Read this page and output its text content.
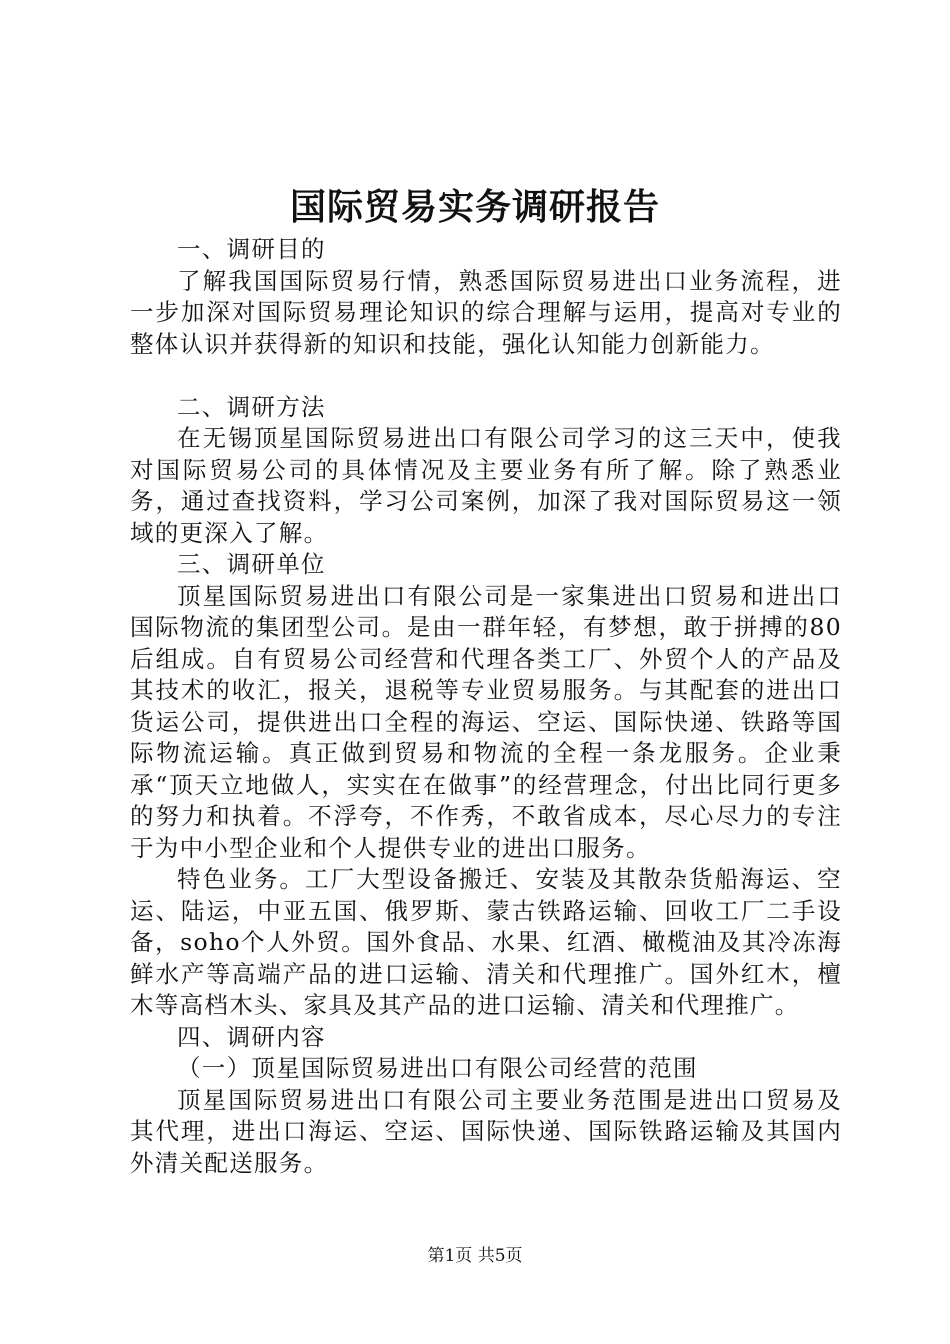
国际贸易实务调研报告

一、调研目的

了解我国国际贸易行情，熟悉国际贸易进出口业务流程，进一步加深对国际贸易理论知识的综合理解与运用，提高对专业的整体认识并获得新的知识和技能，强化认知能力创新能力。

二、调研方法

在无锡顶星国际贸易进出口有限公司学习的这三天中，使我对国际贸易公司的具体情况及主要业务有所了解。除了熟悉业务，通过查找资料，学习公司案例，加深了我对国际贸易这一领域的更深入了解。

三、调研单位

顶星国际贸易进出口有限公司是一家集进出口贸易和进出口国际物流的集团型公司。是由一群年轻，有梦想，敢于拼搏的80后组成。自有贸易公司经营和代理各类工厂、外贸个人的产品及其技术的收汇，报关，退税等专业贸易服务。与其配套的进出口货运公司，提供进出口全程的海运、空运、国际快递、铁路等国际物流运输。真正做到贸易和物流的全程一条龙服务。企业秉承“顶天立地做人，实实在在做事”的经营理念，付出比同行更多的努力和执着。不浮夸，不作秀，不敢省成本，尽心尽力的专注于为中小型企业和个人提供专业的进出口服务。

特色业务。工厂大型设备搬迁、安装及其散杂货船海运、空运、陆运，中亚五国、俄罗斯、蒙古铁路运输、回收工厂二手设备，soho个人外贸。国外食品、水果、红酒、橄榄油及其冷冻海鲜水产等高端产品的进口运输、清关和代理推广。国外红木，檀木等高档木头、家具及其产品的进口运输、清关和代理推广。

四、调研内容

（一）顶星国际贸易进出口有限公司经营的范围

顶星国际贸易进出口有限公司主要业务范围是进出口贸易及其代理，进出口海运、空运、国际快递、国际铁路运输及其国内外清关配送服务。

第1页 共5页
